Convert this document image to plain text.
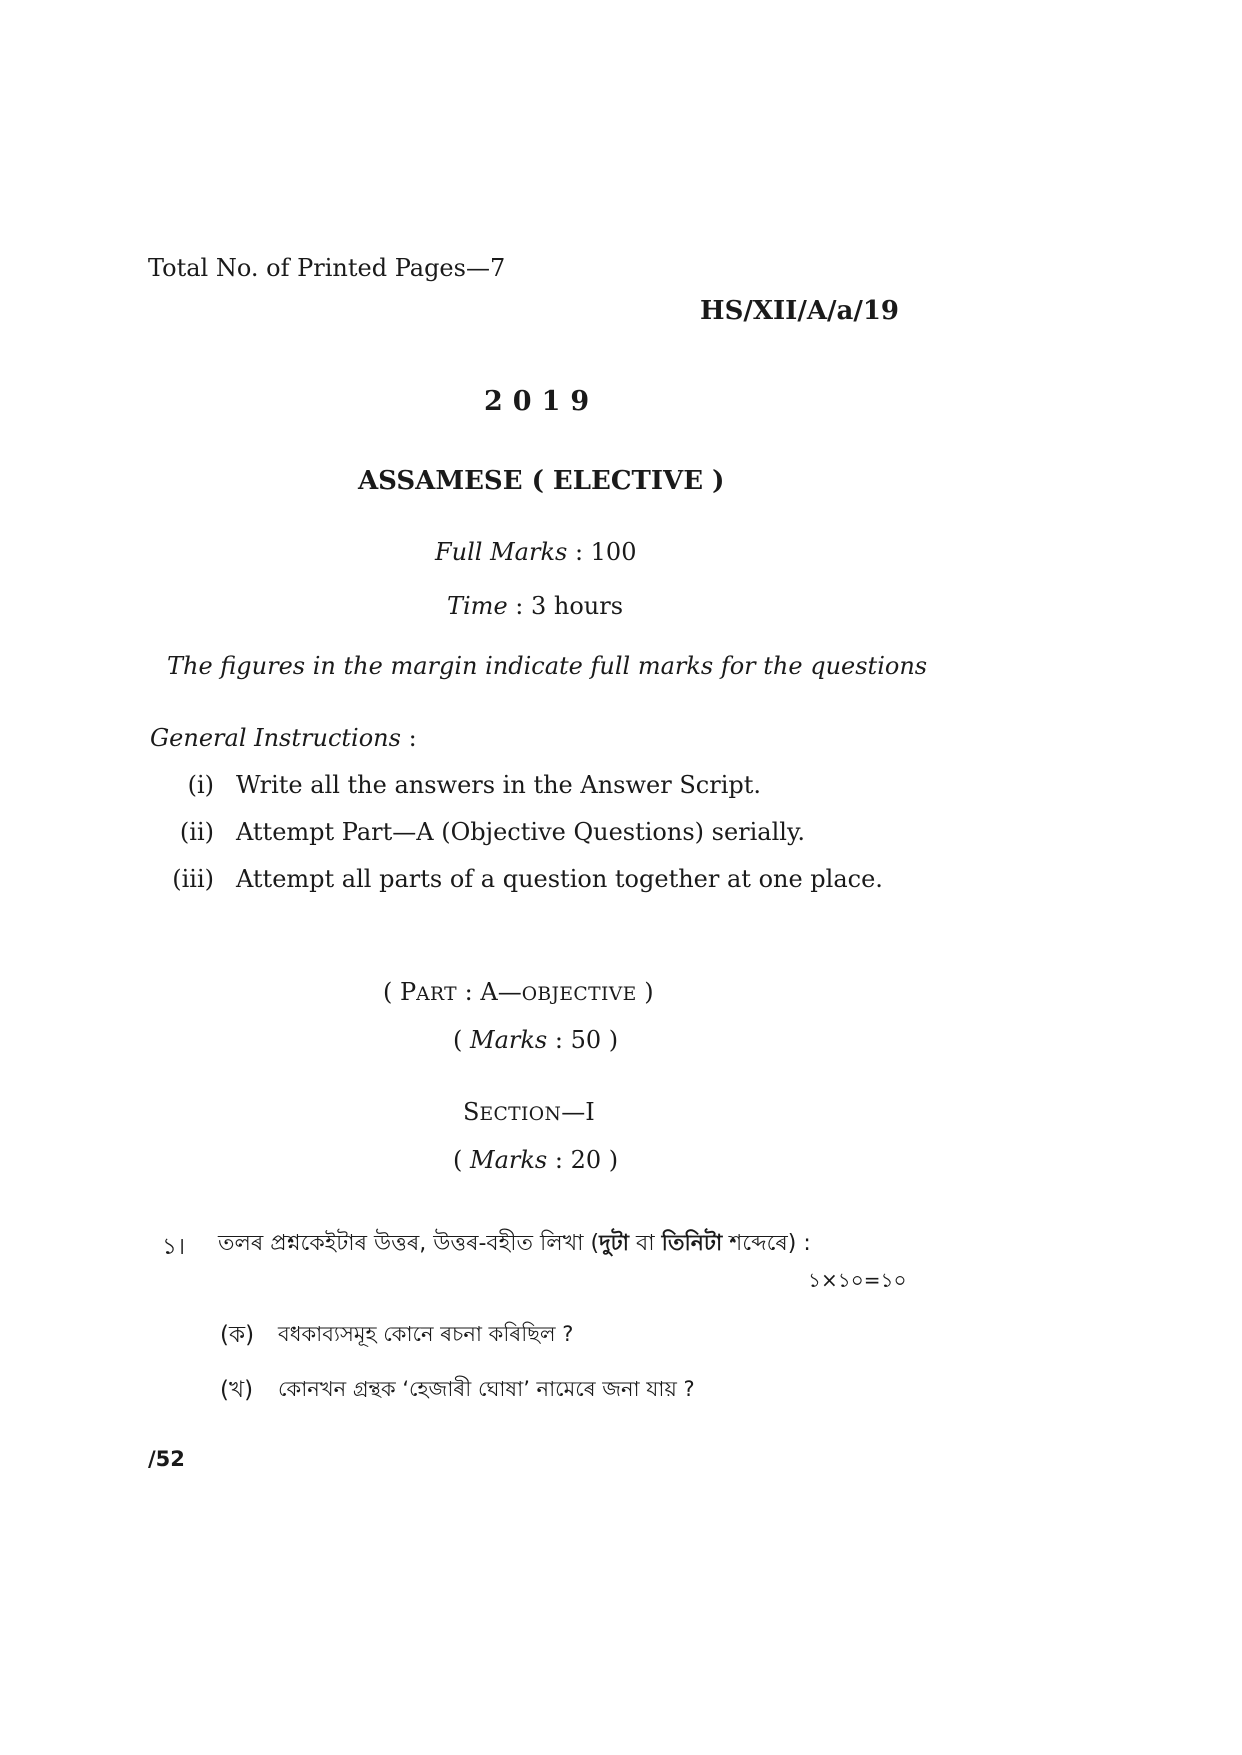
Total No. of Printed Pages—7
HS/XII/A/a/19
2019
ASSAMESE ( ELECTIVE )
Full Marks : 100
Time : 3 hours
The figures in the margin indicate full marks for the questions
General Instructions :
(i) Write all the answers in the Answer Script.
(ii) Attempt Part—A (Objective Questions) serially.
(iii) Attempt all parts of a question together at one place.
( PART : A—OBJECTIVE )
( Marks : 50 )
SECTION—I
( Marks : 20 )
১। তলৰ প্ৰশ্নকেইটাৰ উত্তৰ, উত্তৰ-বহীত লিখা (দুটা বা তিনিটা শব্দেৰে) :
১×১০=১০
(ক) বধকাব্যসমূহ কোনে ৰচনা কৰিছিল ?
(খ) কোনখন গ্ৰন্থক ‘হেজাৰী ঘোষা’ নামেৰে জনা যায় ?
/52
